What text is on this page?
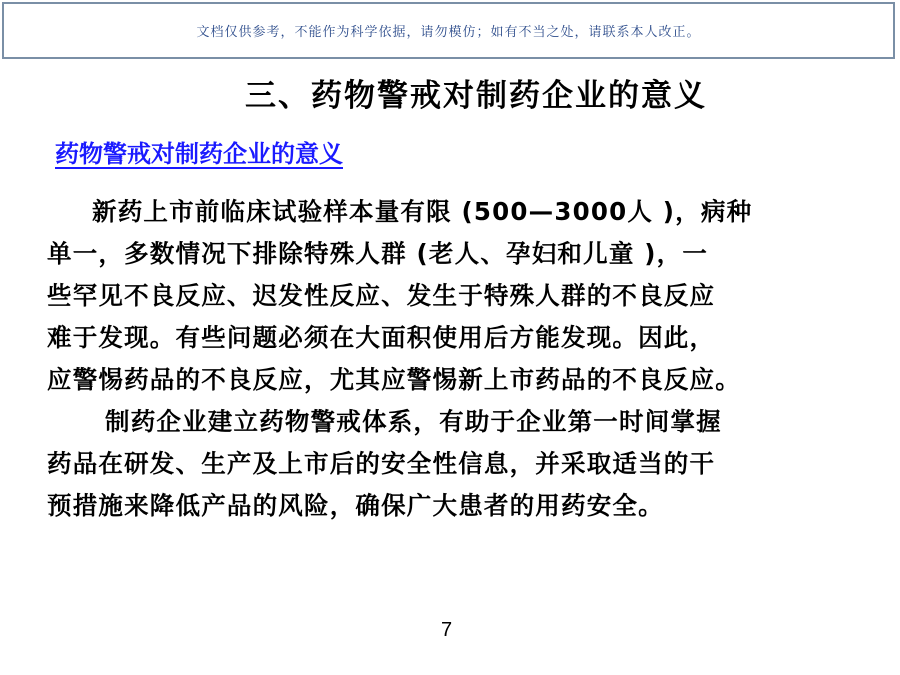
文档仅供参考，不能作为科学依据，请勿模仿；如有不当之处，请联系本人改正。
三、药物警戒对制药企业的意义
药物警戒对制药企业的意义
新药上市前临床试验样本量有限 (500—3000人 )，病种
单一，多数情况下排除特殊人群 (老人、孕妇和儿童 )，一
些罕见不良反应、迟发性反应、发生于特殊人群的不良反应
难于发现。有些问题必须在大面积使用后方能发现。因此，
应警惕药品的不良反应，尤其应警惕新上市药品的不良反应。
制药企业建立药物警戒体系，有助于企业第一时间掌握
药品在研发、生产及上市后的安全性信息，并采取适当的干
预措施来降低产品的风险，确保广大患者的用药安全。
7
